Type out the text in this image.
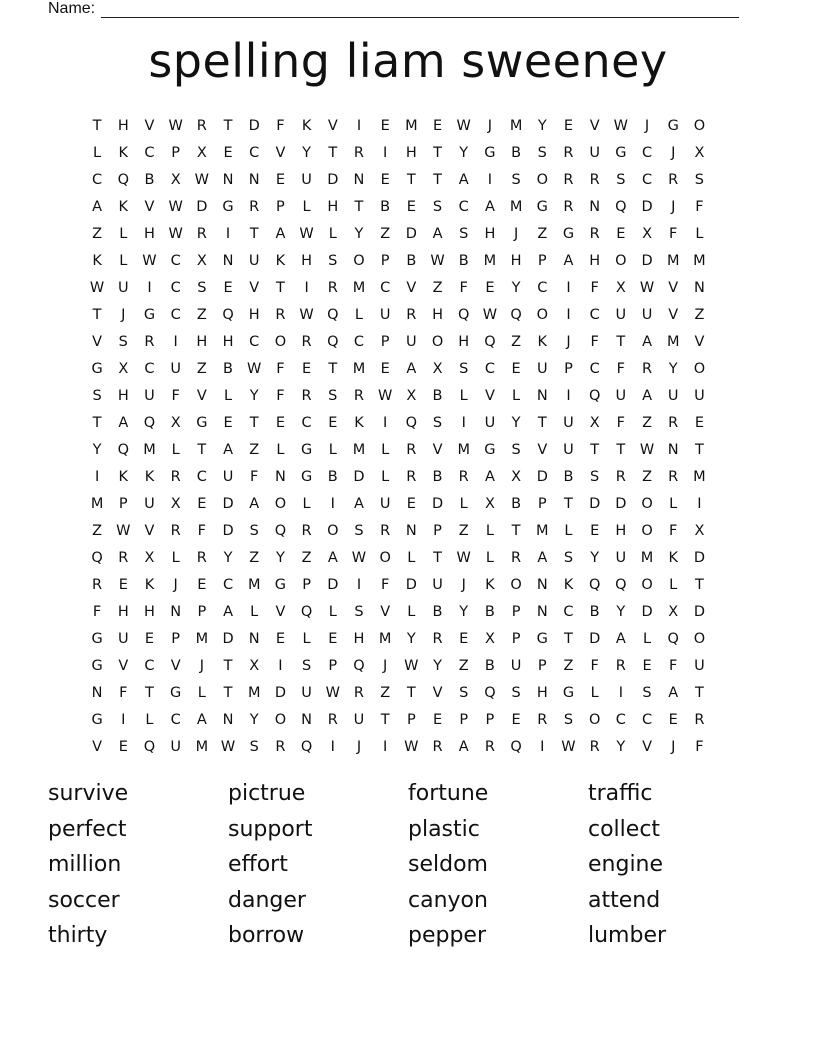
Name:
spelling liam sweeney
T	H	V W R	T	D	F	K	V	I	E	M	E W	J	M	Y	E	V W	J	G	O
L	K	C	P	X	E	C	V	Y	T	R	I	H	T	Y	G	B	S	R	U	G	C	J	X
C	Q	B	X W N	N	E	U	D	N	E	T	T	A	I	S	O	R	R	S	C	R	S
A	K	V W D	G	R	P	L	H	T	B	E	S	C	A	M G	R	N	Q	D	J	F
Z	L	H W R	I	T	A W	L	Y	Z	D	A	S	H	J	Z	G	R	E	X	F	L
K	L	W C	X	N	U	K	H	S	O	P	B W B	M H	P	A	H	O	D M M
W U	I	C	S	E	V	T	I	R	M	C	V	Z	F	E	Y	C	I	F	X W V	N
T	J	G	C	Z	Q	H	R W Q	L	U	R	H	Q W Q	O	I	C	U	U	V	Z
V	S	R	I	H	H	C	O	R	Q	C	P	U	O	H	Q	Z	K	J	F	T	A	M	V
G	X	C	U	Z	B W	F	E	T	M	E	A	X	S	C	E	U	P	C	F	R	Y	O
S	H	U	F	V	L	Y	F	R	S	R W X	B	L	V	L	N	I	Q	U	A	U	U
T	A	Q	X	G	E	T	E	C	E	K	I	Q	S	I	U	Y	T	U	X	F	Z	R	E
Y	Q M	L	T	A	Z	L	G	L	M	L	R	V	M G	S	V	U	T	T	W N	T
I	K	K	R	C	U	F	N	G	B	D	L	R	B	R	A	X	D	B	S	R	Z	R	M
M	P	U	X	E	D	A	O	L	I	A	U	E	D	L	X	B	P	T	D	D	O	L	I
Z W V	R	F	D	S	Q	R	O	S	R	N	P	Z	L	T	M	L	E	H	O	F	X
Q	R	X	L	R	Y	Z	Y	Z	A W O	L	T	W	L	R	A	S	Y	U	M	K	D
R	E	K	J	E	C	M G	P	D	I	F	D	U	J	K	O	N	K	Q	Q	O	L	T
F	H	H	N	P	A	L	V	Q	L	S	V	L	B	Y	B	P	N	C	B	Y	D	X	D
G	U	E	P	M D	N	E	L	E	H M	Y	R	E	X	P	G	T	D	A	L	Q	O
G	V	C	V	J	T	X	I	S	P	Q	J	W	Y	Z	B	U	P	Z	F	R	E	F	U
N	F	T	G	L	T	M D	U W R	Z	T	V	S	Q	S	H	G	L	I	S	A	T
G	I	L	C	A	N	Y	O	N	R	U	T	P	E	P	P	E	R	S	O	C	C	E	R
V	E	Q	U	M W S	R	Q	I	J	I	W R	A	R	Q	I	W R	Y	V	J	F
survive	pictrue	fortune	traffic
perfect	support	plastic	collect
million	effort	seldom	engine
soccer	danger	canyon	attend
thirty	borrow	pepper	lumber
